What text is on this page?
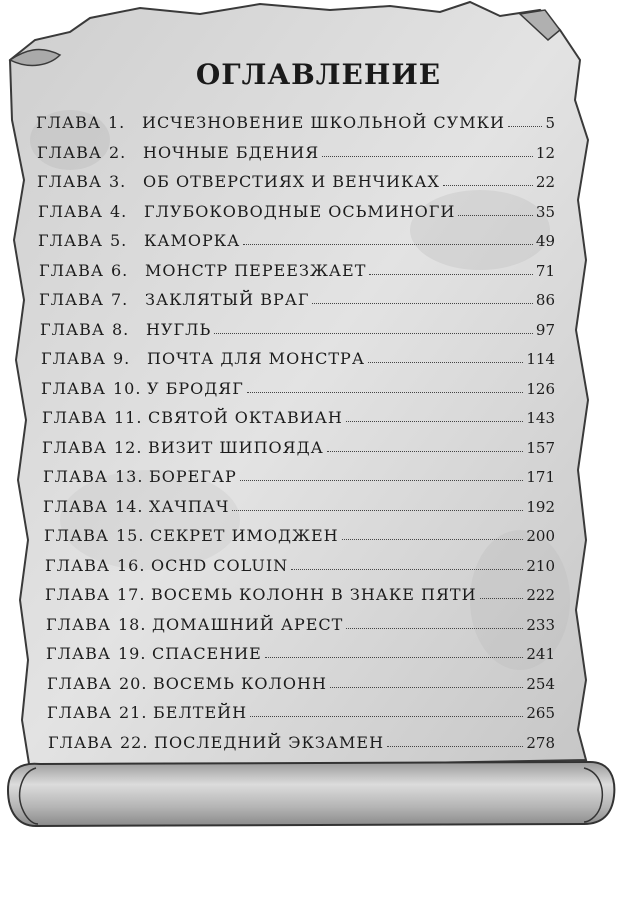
ОГЛАВЛЕНИЕ
ГЛАВА 1.	ИСЧЕЗНОВЕНИЕ ШКОЛЬНОЙ СУМКИ	5
ГЛАВА 2.	НОЧНЫЕ БДЕНИЯ	12
ГЛАВА 3.	ОБ ОТВЕРСТИЯХ И ВЕНЧИКАХ	22
ГЛАВА 4.	ГЛУБОКОВОДНЫЕ ОСЬМИНОГИ	35
ГЛАВА 5.	КАМОРКА	49
ГЛАВА 6.	МОНСТР ПЕРЕЕЗЖАЕТ	71
ГЛАВА 7.	ЗАКЛЯТЫЙ ВРАГ	86
ГЛАВА 8.	НУГЛЬ	97
ГЛАВА 9.	ПОЧТА ДЛЯ МОНСТРА	114
ГЛАВА 10. У БРОДЯГ	126
ГЛАВА 11. СВЯТОЙ ОКТАВИАН	143
ГЛАВА 12. ВИЗИТ ШИПОЯДА	157
ГЛАВА 13. БОРЕГАР	171
ГЛАВА 14. ХАЧПАЧ	192
ГЛАВА 15. СЕКРЕТ ИМОДЖЕН	200
ГЛАВА 16. OCHD COLUIN	210
ГЛАВА 17. ВОСЕМЬ КОЛОНН В ЗНАКЕ ПЯТИ	222
ГЛАВА 18. ДОМАШНИЙ АРЕСТ	233
ГЛАВА 19. СПАСЕНИЕ	241
ГЛАВА 20. ВОСЕМЬ КОЛОНН	254
ГЛАВА 21. БЕЛТЕЙН	265
ГЛАВА 22. ПОСЛЕДНИЙ ЭКЗАМЕН	278
